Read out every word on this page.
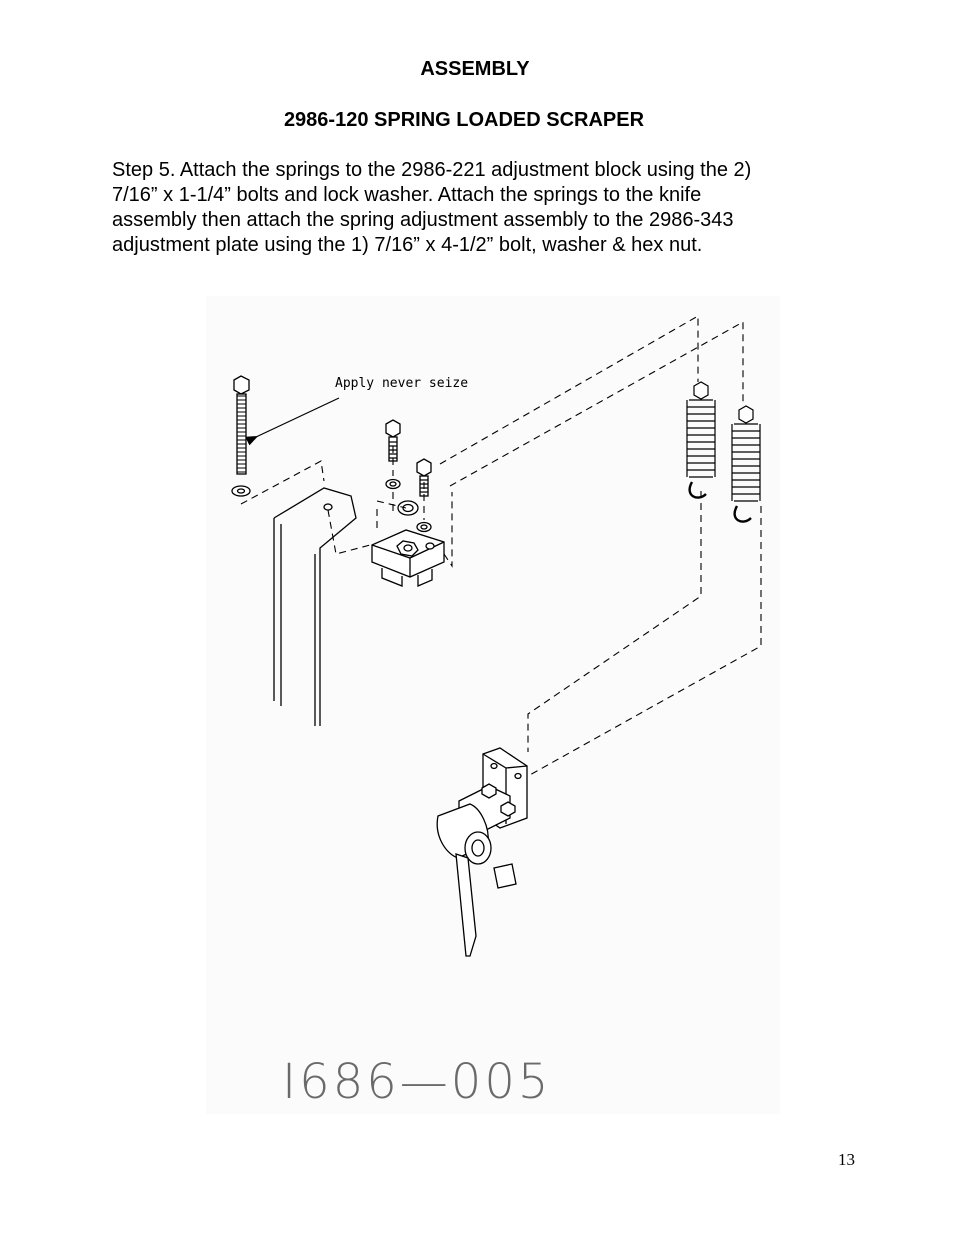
ASSEMBLY
2986-120 SPRING LOADED SCRAPER
Step 5. Attach the springs to the 2986-221 adjustment block using the 2)
7/16” x 1-1/4” bolts and lock washer. Attach the springs to the knife
assembly then attach the spring adjustment assembly to the 2986-343
adjustment plate using the 1) 7/16” x 4-1/2” bolt, washer & hex nut.
Apply never seize
I686—005
13
